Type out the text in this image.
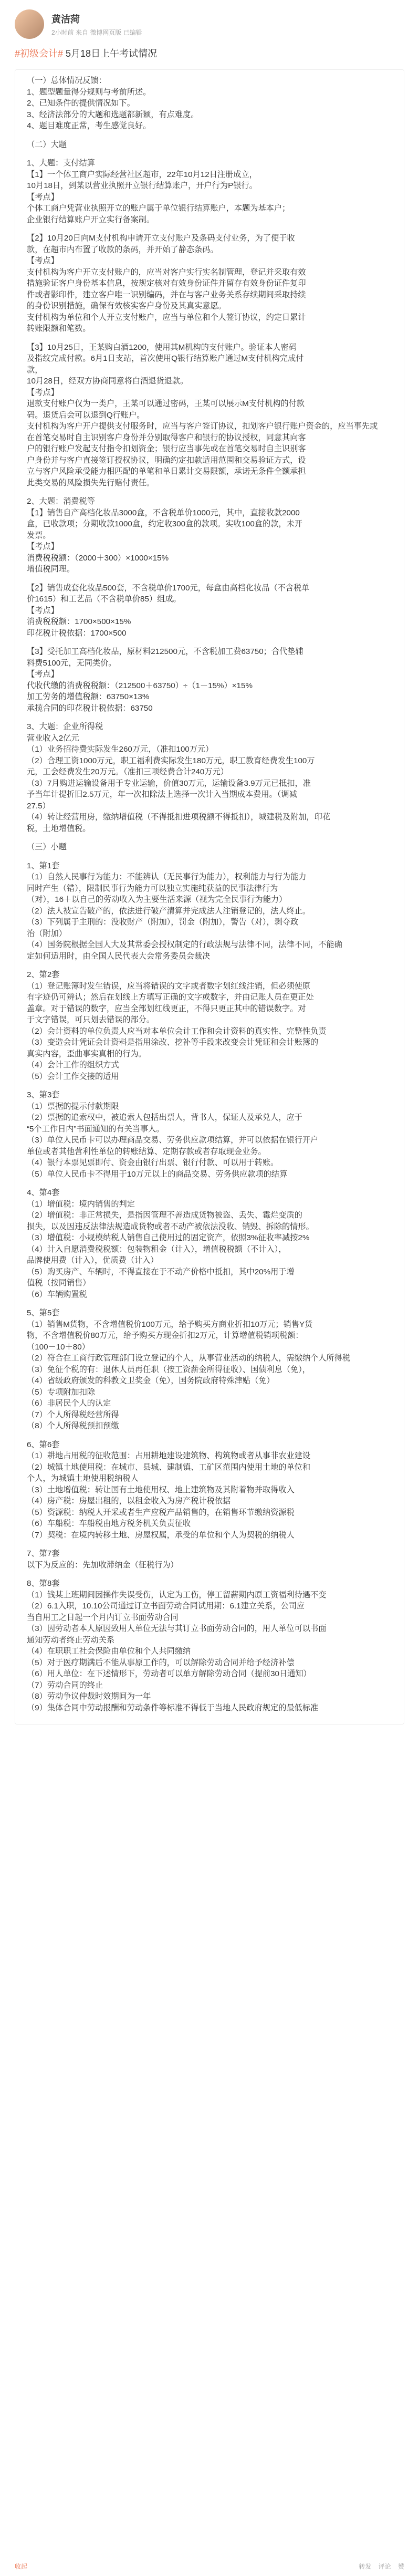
黄洁菏
2小时前 来自 微博网页版 已编辑
#初级会计# 5月18日上午考试情况
（一）总体情况反馈：
1、题型题量得分规则与考前所述。
2、已知条件的提供情况如下。
3、经济法部分的大题和选题都新颖，有点难度。
4、题目难度正常，考生感觉良好。
（二）大题
1、大题：支付结算
【1】一个体工商户实际经营社区超市，22年10月12日注册成立，
10月18日，到某以营业执照开立银行结算账户，开户行为P银行。
【考点】
个体工商户凭营业执照开立的账户属于单位银行结算账户，本题为基本户；
企业银行结算账户开立实行备案制。
【2】10月20日向M支付机构申请开立支付账户及条码支付业务，为了便于收
款，在超市内布置了收款的条码，并开始了静态条码。
【考点】
支付机构为客户开立支付账户的，应当对客户实行实名制管理，登记并采取有效
措施验证客户身份基本信息，按规定核对有效身份证件并留存有效身份证件复印
件或者影印件，建立客户唯一识别编码，并在与客户业务关系存续期间采取持续
的身份识别措施，确保有效核实客户身份及其真实意愿。
支付机构为单位和个人开立支付账户，应当与单位和个人签订协议，约定日累计
转账限额和笔数。
【3】10月25日，王某购白酒1200，使用其M机构的支付账户。验证本人密码
及指纹完成付款。6月1日支站，首次使用Q银行结算账户通过M支付机构完成付
款，
10月28日，经双方协商同意将白酒退货退款。
【考点】
退款支付账户仅为一类户，王某可以通过密码，王某可以展示M支付机构的付款
码。退货后会可以退到Q行账户。
支付机构为客户开户提供支付服务时，应当与客户签订协议，扣划客户银行账户资金的，应当事先或
在首笔交易时自主识别客户身份并分别取得客户和银行的协议授权，同意其向客
户的银行账户发起支付指令扣划资金；银行应当事先或在首笔交易时自主识别客
户身份并与客户直接签订授权协议，明确约定扣款适用范围和交易验证方式，设
立与客户风险承受能力相匹配的单笔和单日累计交易限额，承诺无条件全额承担
此类交易的风险损失先行赔付责任。
2、大题：消费税等
【1】销售自产高档化妆品3000盒，不含税单价1000元，其中，直接收款2000
盒，已收款项；分期收款1000盒，约定收300盒的款项。实收100盒的款，未开
发票。
【考点】
消费税税额：（2000＋300）×1000×15%
增值税同理。
【2】销售成套化妆品500套，不含税单价1700元，每盒由高档化妆品（不含税单
价1615）和工艺品（不含税单价85）组成。
【考点】
消费税税额：1700×500×15%
印花税计税依据：1700×500
【3】受托加工高档化妆品，原材料212500元，不含税加工费63750；合代垫辅
料费5100元，无同类价。
【考点】
代收代缴的消费税税额：（212500＋63750）÷（1－15%）×15%
加工劳务的增值税额：63750×13%
承揽合同的印花税计税依据：63750
3、大题：企业所得税
营业收入2亿元
（1）业务招待费实际发生260万元，（准扣100万元）
（2）合理工资1000万元，职工福利费实际发生180万元，职工教育经费发生100万
元，工会经费发生20万元。（准扣三项经费合计240万元）
（3）7月购进运输设备用于专业运输，价值30万元，运输设备3.9万元已抵扣，准
予当年计提折旧2.5万元，年一次扣除法上选择一次计入当期成本费用。（调减
27.5）
（4）转让经营用房，缴纳增值税（不得抵扣进项税额不得抵扣），城建税及附加，印花
税，土地增值税。
（三）小题
1、第1套
（1）自然人民事行为能力：不能辨认（无民事行为能力），权利能力与行为能力
同时产生（错），限制民事行为能力可以独立实施纯获益的民事法律行为
（对），16＋以自己的劳动收入为主要生活来源（视为完全民事行为能力）
（2）法人被宣告破产的，依法进行破产清算并完成法人注销登记的，法人终止。
（3）下列属于主刑的：没收财产（附加），罚金（附加），警告（对），剥夺政
治（附加）
（4）国务院根据全国人大及其常委会授权制定的行政法规与法律不同，法律不同，不能确
定如何适用时，由全国人民代表大会常务委员会裁决
2、第2套
（1）登记账簿时发生错误，应当将错误的文字或者数字划红线注销，但必须使原
有字迹仍可辨认；然后在划线上方填写正确的文字或数字，并由记账人员在更正处
盖章。对于错误的数字，应当全部划红线更正，不得只更正其中的错误数字。对
于文字错误，可只划去错误的部分。
（2）会计资料的单位负责人应当对本单位会计工作和会计资料的真实性、完整性负责
（3）变造会计凭证会计资料是指用涂改、挖补等手段来改变会计凭证和会计账簿的
真实内容，歪曲事实真相的行为。
（4）会计工作的组织方式
（5）会计工作交接的适用
3、第3套
（1）票据的提示付款期限
（2）票据的追索权中，被追索人包括出票人，背书人，保证人及承兑人，应于
“5个工作日内”书面通知的有关当事人。
（3）单位人民币卡可以办理商品交易、劳务供应款项结算，并可以依据在银行开户
单位或者其他营利性单位的转账结算、定期存款或者存取现金业务。
（4）银行本票见票即付、资金由银行出票、银行付款、可以用于转账。
（5）单位人民币卡不得用于10万元以上的商品交易、劳务供应款项的结算
4、第4套
（1）增值税：境内销售的判定
（2）增值税：非正常损失，是指因管理不善造成货物被盗、丢失、霉烂变质的
损失，以及因违反法律法规造成货物或者不动产被依法没收、销毁、拆除的情形。
（3）增值税：小规模纳税人销售自己使用过的固定资产，依照3%征收率减按2%
（4）计入自愿消费税税额：包装物租金（计入），增值税税额（不计入），
品牌使用费（计入），优质费（计入）
（5）购买房产、车辆时，不得直接在于不动产价格中抵扣，其中20%用于增
值税（按同销售）
（6）车辆购置税
5、第5套
（1）销售M货物，不含增值税价100万元，给予购买方商业折扣10万元；销售Y货
物，不含增值税价80万元，给予购买方现金折扣2万元，计算增值税销项税额：
（100－10＋80）
（2）符合在工商行政管理部门设立登记的个人，从事营业活动的纳税人，需缴纳个人所得税
（3）免征个税的有：退休人员再任职（按工资薪金所得征收）、国债利息（免），
（4）省级政府颁发的科教文卫奖金（免），国务院政府特殊津贴（免）
（5）专项附加扣除
（6）非居民个人的认定
（7）个人所得税经营所得
（8）个人所得税预扣预缴
6、第6套
（1）耕地占用税的征收范围：占用耕地建设建筑物、构筑物或者从事非农业建设
（2）城镇土地使用税：在城市、县城、建制镇、工矿区范围内使用土地的单位和
个人，为城镇土地使用税纳税人
（3）土地增值税：转让国有土地使用权、地上建筑物及其附着物并取得收入
（4）房产税：房屋出租的，以租金收入为房产税计税依据
（5）资源税：纳税人开采或者生产应税产品销售的，在销售环节缴纳资源税
（6）车船税：车船税由地方税务机关负责征收
（7）契税：在境内转移土地、房屋权属，承受的单位和个人为契税的纳税人
7、第7套
以下为反应的：先加收滞纳金（征税行为）
8、第8套
（1）钱某上班期间因操作失误受伤，认定为工伤，停工留薪期内原工资福利待遇不变
（2）6.1入职，10.10公司通过订立书面劳动合同试用期：6.1建立关系，公司应
当自用工之日起一个月内订立书面劳动合同
（3）因劳动者本人原因致用人单位无法与其订立书面劳动合同的，用人单位可以书面
通知劳动者终止劳动关系
（4）在职职工社会保险由单位和个人共同缴纳
（5）对于医疗期满后不能从事原工作的，可以解除劳动合同并给予经济补偿
（6）用人单位：在下述情形下，劳动者可以单方解除劳动合同（提前30日通知）
（7）劳动合同的终止
（8）劳动争议仲裁时效期间为一年
（9）集体合同中劳动报酬和劳动条件等标准不得低于当地人民政府规定的最低标准
收起	转发 评论 赞
